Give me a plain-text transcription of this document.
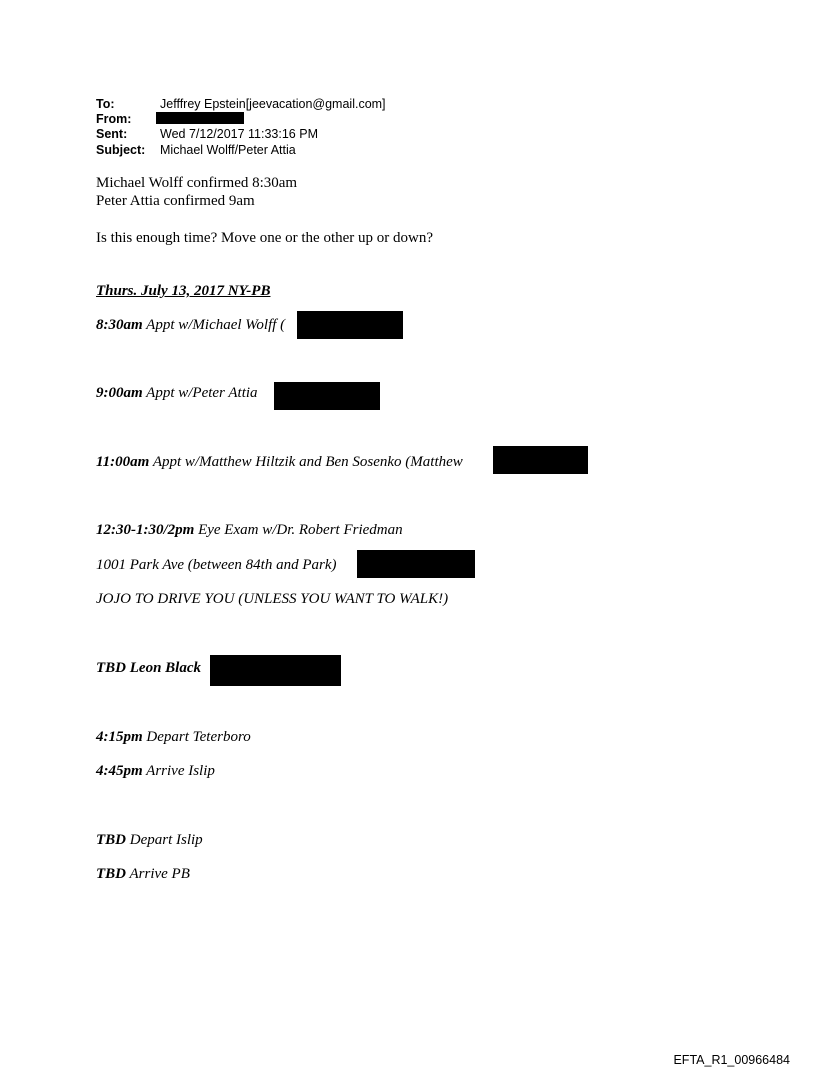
To:	Jefffrey Epstein[jeevacation@gmail.com]
From:
Sent:	Wed 7/12/2017 11:33:16 PM
Subject: Michael Wolff/Peter Attia
Michael Wolff confirmed 8:30am
Peter Attia confirmed 9am
Is this enough time? Move one or the other up or down?
Thurs. July 13, 2017 NY-PB
8:30am Appt w/Michael Wolff (
9:00am Appt w/Peter Attia
11:00am Appt w/Matthew Hiltzik and Ben Sosenko (Matthew
12:30-1:30/2pm Eye Exam w/Dr. Robert Friedman
1001 Park Ave (between 84th and Park)
JOJO TO DRIVE YOU (UNLESS YOU WANT TO WALK!)
TBD Leon Black
4:15pm Depart Teterboro
4:45pm Arrive Islip
TBD Depart Islip
TBD Arrive PB
EFTA_R1_00966484
